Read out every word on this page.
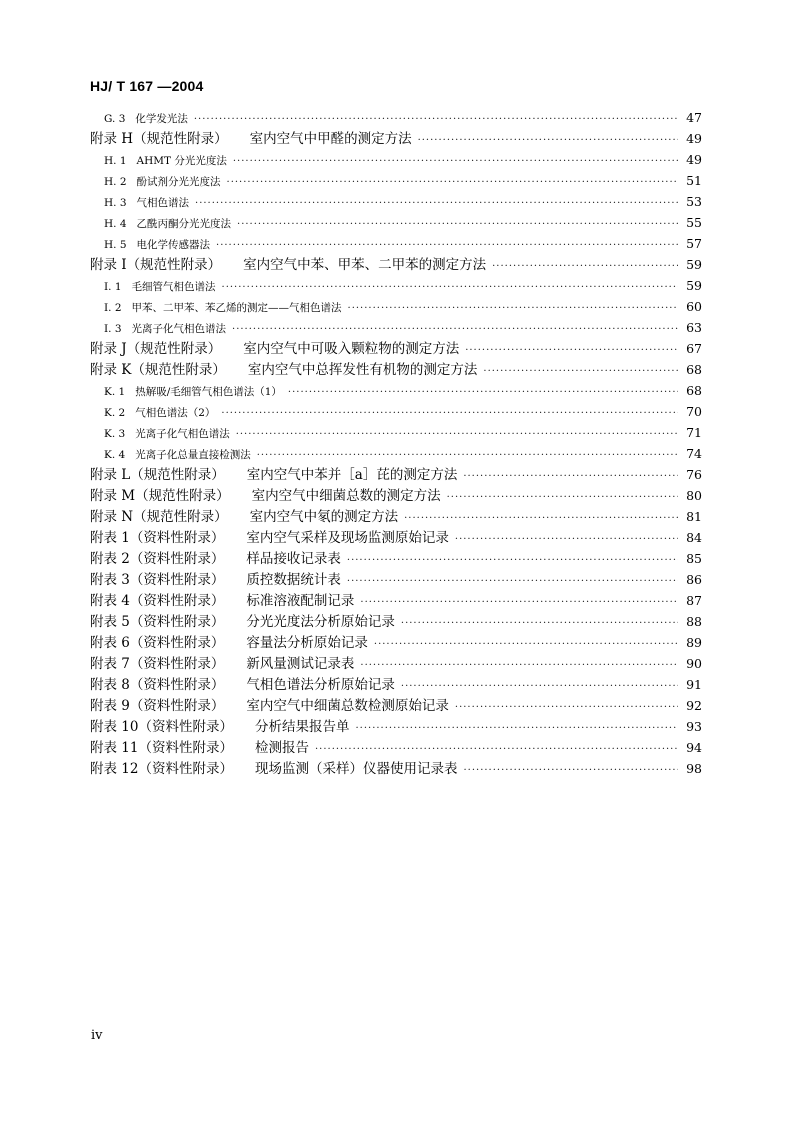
HJ/ T 167 —2004
G. 3 化学发光法 ·····	47
附录 H（规范性附录） 室内空气中甲醛的测定方法 ·····	49
H. 1 AHMT 分光光度法 ·····	49
H. 2 酚试剂分光光度法 ·····	51
H. 3 气相色谱法 ·····	53
H. 4 乙酰丙酮分光光度法 ·····	55
H. 5 电化学传感器法 ·····	57
附录 I（规范性附录） 室内空气中苯、甲苯、二甲苯的测定方法 ·····	59
I. 1 毛细管气相色谱法 ·····	59
I. 2 甲苯、二甲苯、苯乙烯的测定——气相色谱法 ·····	60
I. 3 光离子化气相色谱法 ·····	63
附录 J（规范性附录） 室内空气中可吸入颗粒物的测定方法 ·····	67
附录 K（规范性附录） 室内空气中总挥发性有机物的测定方法 ·····	68
K. 1 热解吸/毛细管气相色谱法（1） ·····	68
K. 2 气相色谱法（2） ·····	70
K. 3 光离子化气相色谱法 ·····	71
K. 4 光离子化总量直接检测法 ·····	74
附录 L（规范性附录） 室内空气中苯并［a］芘的测定方法 ·····	76
附录 M（规范性附录） 室内空气中细菌总数的测定方法 ·····	80
附录 N（规范性附录） 室内空气中氡的测定方法 ·····	81
附表 1（资料性附录） 室内空气采样及现场监测原始记录 ·····	84
附表 2（资料性附录） 样品接收记录表 ·····	85
附表 3（资料性附录） 质控数据统计表 ·····	86
附表 4（资料性附录） 标准溶液配制记录 ·····	87
附表 5（资料性附录） 分光光度法分析原始记录 ·····	88
附表 6（资料性附录） 容量法分析原始记录 ·····	89
附表 7（资料性附录） 新风量测试记录表 ·····	90
附表 8（资料性附录） 气相色谱法分析原始记录 ·····	91
附表 9（资料性附录） 室内空气中细菌总数检测原始记录 ·····	92
附表 10（资料性附录） 分析结果报告单 ·····	93
附表 11（资料性附录） 检测报告 ·····	94
附表 12（资料性附录） 现场监测（采样）仪器使用记录表 ·····	98
iv
